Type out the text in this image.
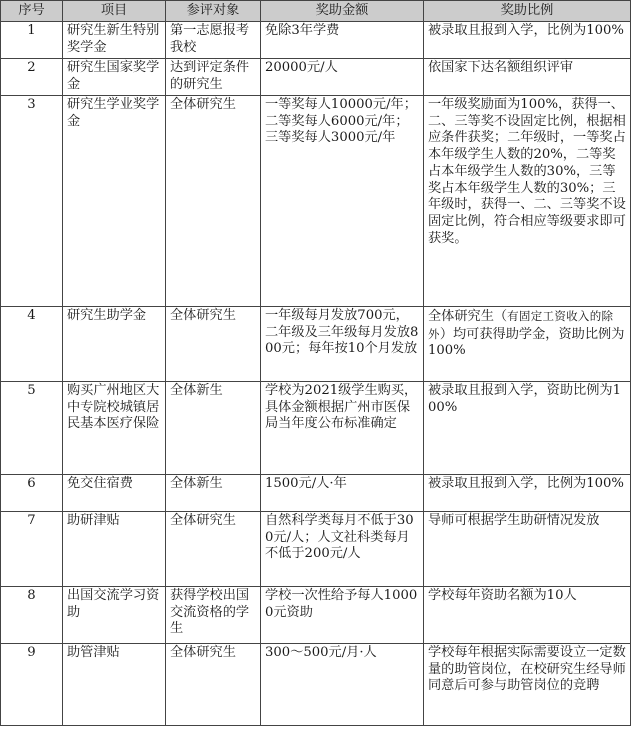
序号	项目	参评对象	奖助金额	奖助比例
1	研究生新生特别奖学金	第一志愿报考我校	免除3年学费	被录取且报到入学，比例为100%
2	研究生国家奖学金	达到评定条件的研究生	20000元/人	依国家下达名额组织评审
3	研究生学业奖学金	全体研究生	一等奖每人10000元/年；二等奖每人6000元/年；三等奖每人3000元/年	一年级奖励面为100%，获得一、二、三等奖不设固定比例，根据相应条件获奖；二年级时，一等奖占本年级学生人数的20%，二等奖占本年级学生人数的30%，三等奖占本年级学生人数的30%；三年级时，获得一、二、三等奖不设固定比例，符合相应等级要求即可获奖。
4	研究生助学金	全体研究生	一年级每月发放700元，二年级及三年级每月发放800元；每年按10个月发放	全体研究生（有固定工资收入的除外）均可获得助学金，资助比例为100%
5	购买广州地区大中专院校城镇居民基本医疗保险	全体新生	学校为2021级学生购买，具体金额根据广州市医保局当年度公布标准确定	被录取且报到入学，资助比例为100%
6	免交住宿费	全体新生	1500元/人·年	被录取且报到入学，比例为100%
7	助研津贴	全体研究生	自然科学类每月不低于300元/人；人文社科类每月不低于200元/人	导师可根据学生助研情况发放
8	出国交流学习资助	获得学校出国交流资格的学生	学校一次性给予每人10000元资助	学校每年资助名额为10人
9	助管津贴	全体研究生	300～500元/月·人	学校每年根据实际需要设立一定数量的助管岗位，在校研究生经导师同意后可参与助管岗位的竞聘
